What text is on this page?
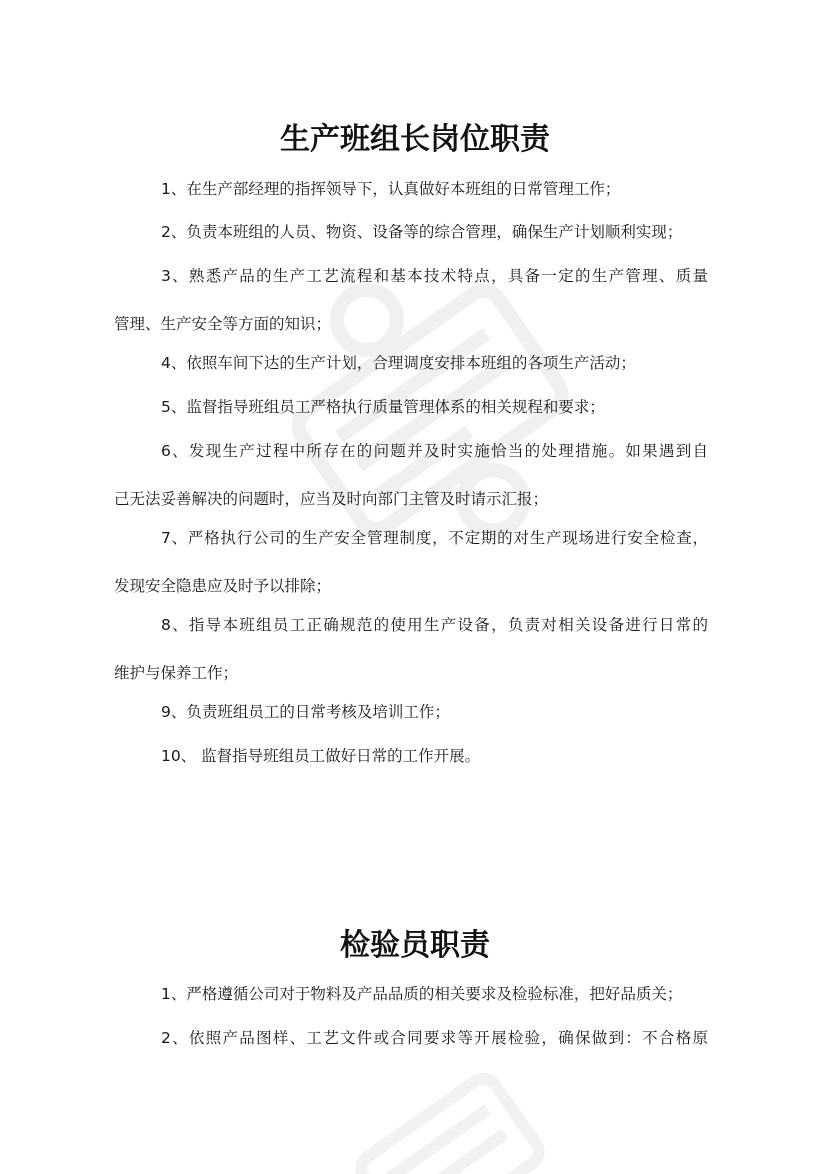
生产班组长岗位职责

1、在生产部经理的指挥领导下，认真做好本班组的日常管理工作；

2、负责本班组的人员、物资、设备等的综合管理，确保生产计划顺利实现；

3、熟悉产品的生产工艺流程和基本技术特点，具备一定的生产管理、质量
管理、生产安全等方面的知识；

4、依照车间下达的生产计划，合理调度安排本班组的各项生产活动；

5、监督指导班组员工严格执行质量管理体系的相关规程和要求；

6、发现生产过程中所存在的问题并及时实施恰当的处理措施。如果遇到自
己无法妥善解决的问题时，应当及时向部门主管及时请示汇报；

7、严格执行公司的生产安全管理制度，不定期的对生产现场进行安全检查，
发现安全隐患应及时予以排除；

8、指导本班组员工正确规范的使用生产设备，负责对相关设备进行日常的
维护与保养工作；

9、负责班组员工的日常考核及培训工作；

10、 监督指导班组员工做好日常的工作开展。

检验员职责

1、严格遵循公司对于物料及产品品质的相关要求及检验标准，把好品质关；

2、依照产品图样、工艺文件或合同要求等开展检验，确保做到：不合格原
